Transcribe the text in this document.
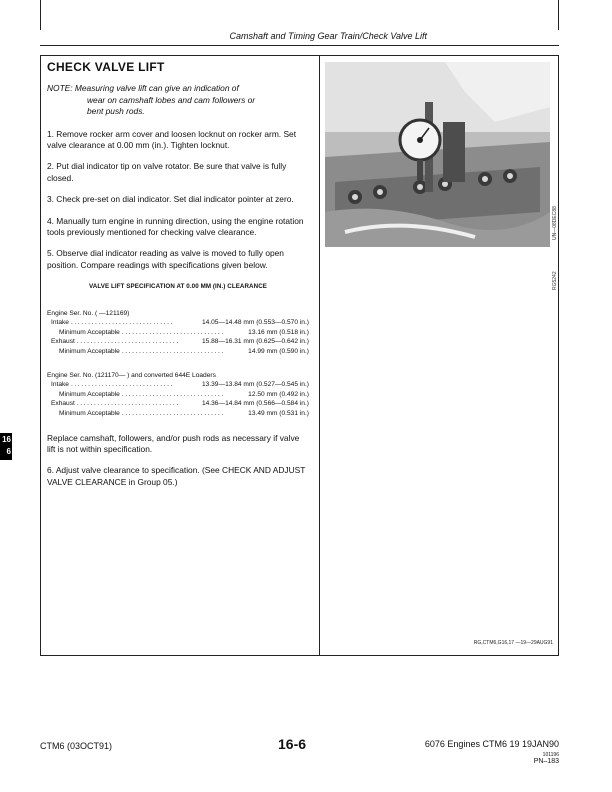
Camshaft and Timing Gear Train/Check Valve Lift
CHECK VALVE LIFT
NOTE: Measuring valve lift can give an indication of
wear on camshaft lobes and cam followers or
bent push rods.
1. Remove rocker arm cover and loosen locknut on rocker arm. Set valve clearance at 0.00 mm (in.). Tighten locknut.
2. Put dial indicator tip on valve rotator. Be sure that valve is fully closed.
3. Check pre-set on dial indicator. Set dial indicator pointer at zero.
4. Manually turn engine in running direction, using the engine rotation tools previously mentioned for checking valve clearance.
5. Observe dial indicator reading as valve is moved to fully open position. Compare readings with specifications given below.
VALVE LIFT SPECIFICATION AT 0.00 MM (IN.) CLEARANCE
Engine Ser. No. ( —121169)
Intake ..............................	14.05—14.48 mm (0.553—0.570 in.)
Minimum Acceptable ..............................	13.16 mm (0.518 in.)
Exhaust ..............................	15.88—16.31 mm (0.625—0.642 in.)
Minimum Acceptable ..............................	14.99 mm (0.590 in.)
Engine Ser. No. (121170— ) and converted 644E Loaders
Intake ..............................	13.39—13.84 mm (0.527—0.545 in.)
Minimum Acceptable ..............................	12.50 mm (0.492 in.)
Exhaust ..............................	14.36—14.84 mm (0.566—0.584 in.)
Minimum Acceptable ..............................	13.49 mm (0.531 in.)
Replace camshaft, followers, and/or push rods as necessary if valve lift is not within specification.
6. Adjust valve clearance to specification. (See CHECK AND ADJUST VALVE CLEARANCE in Group 05.)
UN—08DEC88
RG5242
16
6
RG,CTM6,G16,17 —19—29AUG91
CTM6 (03OCT91)	16-6	6076 Engines CTM6 19 19JAN90
101196
PN–183
